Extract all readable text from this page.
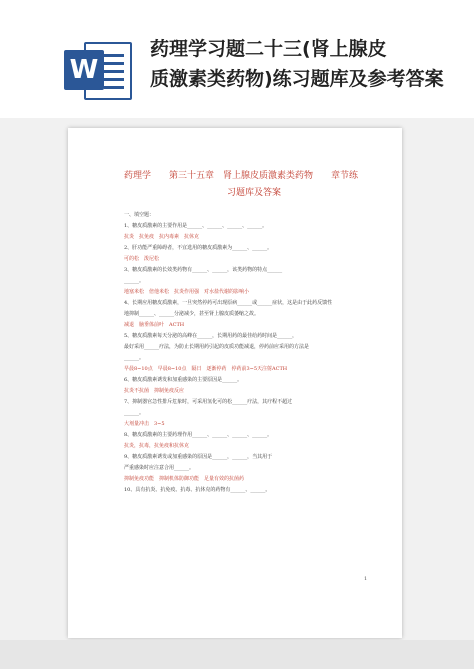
W
药理学习题二十三(肾上腺皮
质激素类药物)练习题库及参考答案
药理学　　第三十五章　肾上腺皮质激素类药物　　章节练
习题库及答案
一、填空题：
1、糖皮质激素的主要作用是______、______、______、______。
抗炎　抗免疫　抗内毒素　抗休克
2、肝功能严重障碍者，不宜选用的糖皮质激素为______、______。
可的松　泼尼松
3、糖皮质激素的长效类药物有______、______，该类药物的特点______
______。
地塞米松　倍他米松　抗炎作用强　对水盐代谢的影响小
4、长期应用糖皮质激素，一旦突然停药可出现原病______或______症状，这是由于此药反馈性
地抑制______、______分泌减少，甚至肾上腺皮质萎缩之故。
减退　脑垂体前叶　ACTH
5、糖皮质激素每天分泌的高峰在______，长期用药的最佳给药时间是______，
最好采用______疗法，为防止长期用药引起的皮质功能减退，停药前应采用的方法是
______。
早晨8~10点　早晨8~10点　隔日　逐渐停药　停药前3~5天注射ACTH
6、糖皮质激素诱发和加重感染的主要原因是______。
抗炎不抗菌　抑制免疫反应
7、抑制器官急性排斥危象时，可采用氢化可的松______疗法，其疗程不超过
______。
大剂量冲击　3~5
8、糖皮质激素的主要药理作用______、______、______、______。
抗炎，抗毒，抗免疫和抗休克
9、糖皮质激素诱发或加重感染的原因是______，______，当其用于
严重感染时应注意合用______。
抑制免疫功能　抑制机体防御功能　足量有效的抗菌药
10、具有抗炎、抗免疫、抗毒、抗休克的药物有______、______。
1
